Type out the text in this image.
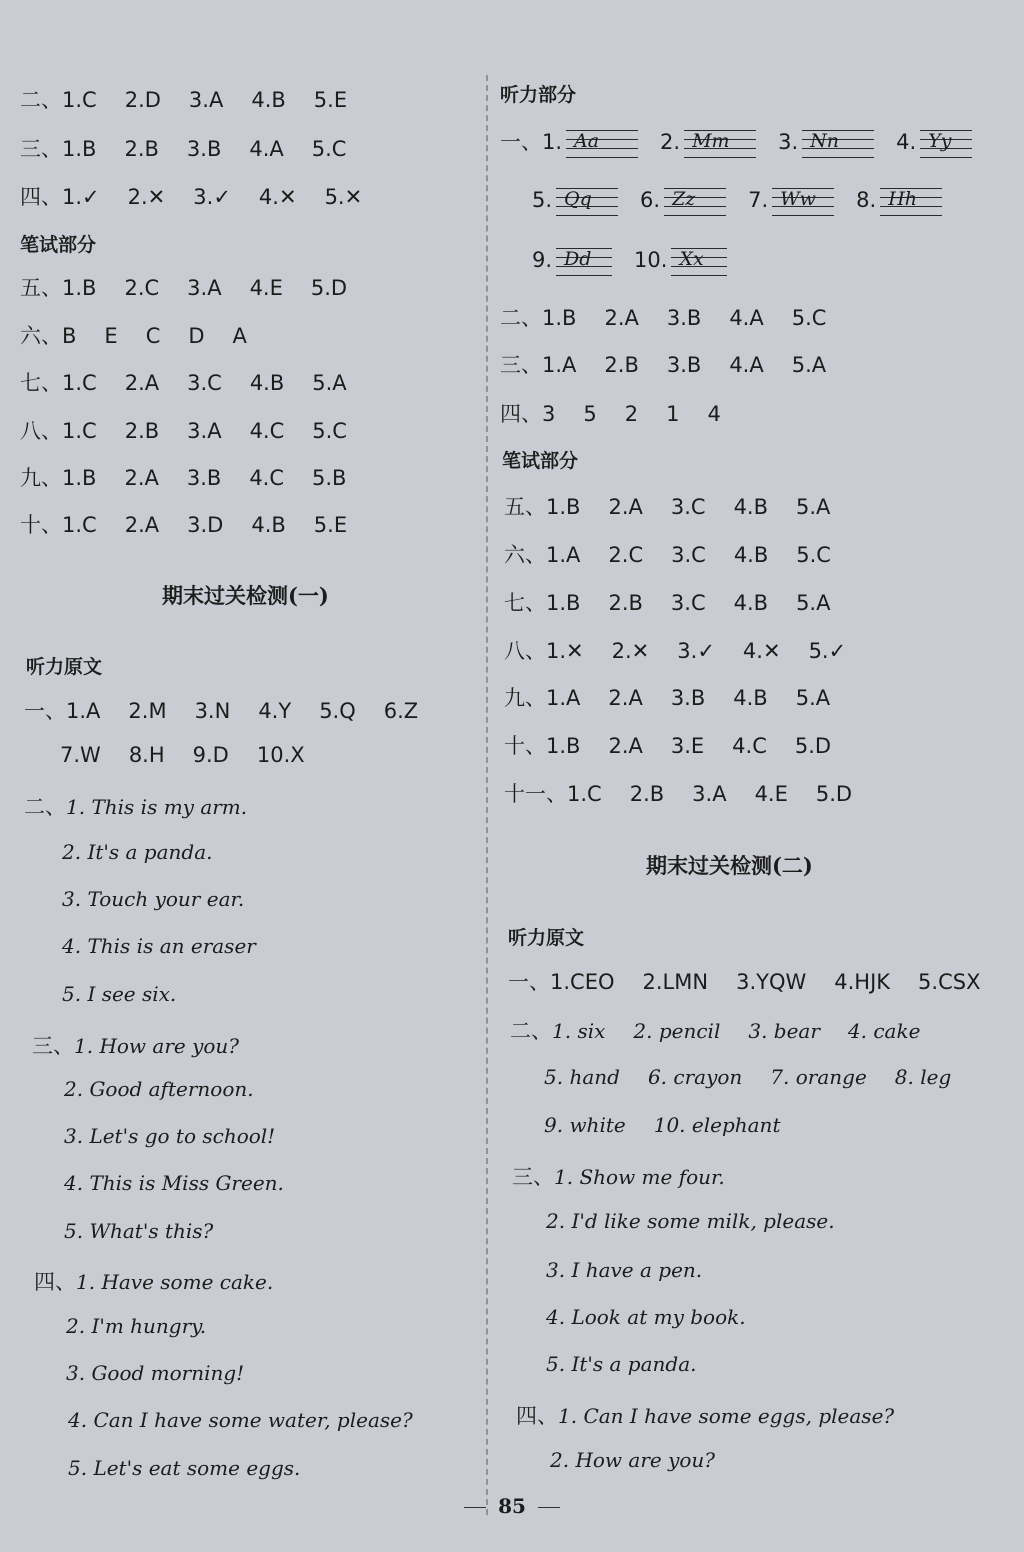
二、1.C 2.D 3.A 4.B 5.E
三、1.B 2.B 3.B 4.A 5.C
四、1.✓ 2.✕ 3.✓ 4.✕ 5.✕
笔试部分
五、1.B 2.C 3.A 4.E 5.D
六、B E C D A
七、1.C 2.A 3.C 4.B 5.A
八、1.C 2.B 3.A 4.C 5.C
九、1.B 2.A 3.B 4.C 5.B
十、1.C 2.A 3.D 4.B 5.E
期末过关检测(一)
听力原文
一、1.A 2.M 3.N 4.Y 5.Q 6.Z
7.W 8.H 9.D 10.X
二、1. This is my arm.
2. It's a panda.
3. Touch your ear.
4. This is an eraser
5. I see six.
三、1. How are you?
2. Good afternoon.
3. Let's go to school!
4. This is Miss Green.
5. What's this?
四、1. Have some cake.
2. I'm hungry.
3. Good morning!
4. Can I have some water, please?
5. Let's eat some eggs.
听力部分
一、1. Aa	2. Mm 3. Nn	4. Yy
5. Qq 6. Zz	7. Ww 8. Hh
9. Dd 10. Xx
二、1.B 2.A 3.B 4.A 5.C
三、1.A 2.B 3.B 4.A 5.A
四、3 5 2 1 4
笔试部分
五、1.B 2.A 3.C 4.B 5.A
六、1.A 2.C 3.C 4.B 5.C
七、1.B 2.B 3.C 4.B 5.A
八、1.✕ 2.✕ 3.✓ 4.✕ 5.✓
九、1.A 2.A 3.B 4.B 5.A
十、1.B 2.A 3.E 4.C 5.D
十一、1.C 2.B 3.A 4.E 5.D
期末过关检测(二)
听力原文
一、1.CEO 2.LMN 3.YQW 4.HJK 5.CSX
二、1. six 2. pencil 3. bear 4. cake
5. hand 6. crayon 7. orange 8. leg
9. white 10. elephant
三、1. Show me four.
2. I'd like some milk, please.
3. I have a pen.
4. Look at my book.
5. It's a panda.
四、1. Can I have some eggs, please?
2. How are you?
85
